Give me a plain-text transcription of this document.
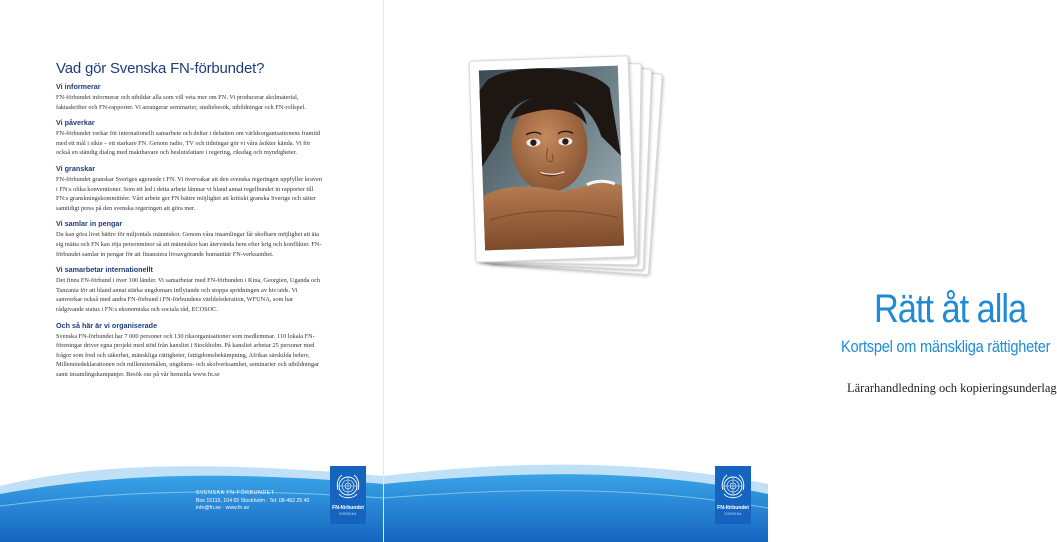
Vad gör Svenska FN-förbundet?

Vi informerar

FN-förbundet informerar och utbildar alla som vill veta mer om FN. Vi producerar skolmaterial, faktaskrifter och FN-rapporter. Vi arrangerar seminarier, studiebesök, utbildningar och FN-rollspel.

Vi påverkar

FN-förbundet verkar för internationellt samarbete och deltar i debatten om världsorganisationens framtid med ett mål i sikte – ett starkare FN. Genom radio, TV och tidningar gör vi våra åsikter kända. Vi för också en ständig dialog med makthavare och beslutsfattare i regering, riksdag och myndigheter.

Vi granskar

FN-förbundet granskar Sveriges agerande i FN. Vi övervakar att den svenska regeringen uppfyller kraven i FN:s olika konventioner. Som ett led i detta arbete lämnar vi bland annat regelbundet in rapporter till FN:s granskningskommittéer. Vårt arbete ger FN bättre möjlighet att kritiskt granska Sverige och sätter samtidigt press på den svenska regeringen att göra mer.

Vi samlar in pengar

Du kan göra livet bättre för miljontals människor. Genom våra insamlingar får skolbarn möjlighet att äta sig mätta och FN kan röja personminor så att människor kan återvända hem efter krig och konflikter. FN-förbundet samlar in pengar för att finansiera livsavgörande humanitär FN-verksamhet.

Vi samarbetar internationellt

Det finns FN-förbund i över 100 länder. Vi samarbetar med FN-förbunden i Kina, Georgien, Uganda och Tanzania för att bland annat stärka ungdomars inflytande och stoppa spridningen av hiv/aids. Vi samverkar också med andra FN-förbund i FN-förbundens världsfederation, WFUNA, som har rådgivande status i FN:s ekonomiska och sociala råd, ECOSOC.

Och så här är vi organiserade

Svenska FN-förbundet har 7 000 personer och 130 riksorganisationer som medlemmar. 110 lokala FN-föreningar driver egna projekt med stöd från kansliet i Stockholm. På kansliet arbetar 25 personer med frågor som fred och säkerhet, mänskliga rättigheter, fattigdomsbekämpning, Afrikas särskilda behov, Millenniedeklarationen och millenniemålen, ungdoms- och skolverksamhet, seminarier och utbildningar samt insamlingskampanjer. Besök oss på vår hemsida www.fn.se

SVENSKA FN-FÖRBUNDET
Box 15115, 104 65 Stockholm · Tel: 08-462 25 40
info@fn.se · www.fn.se	FN-förbundet
SVENSKA
Rätt åt alla
Kortspel om mänskliga rättigheter
Lärarhandledning och kopieringsunderlag
FN-förbundet
SVENSKA
